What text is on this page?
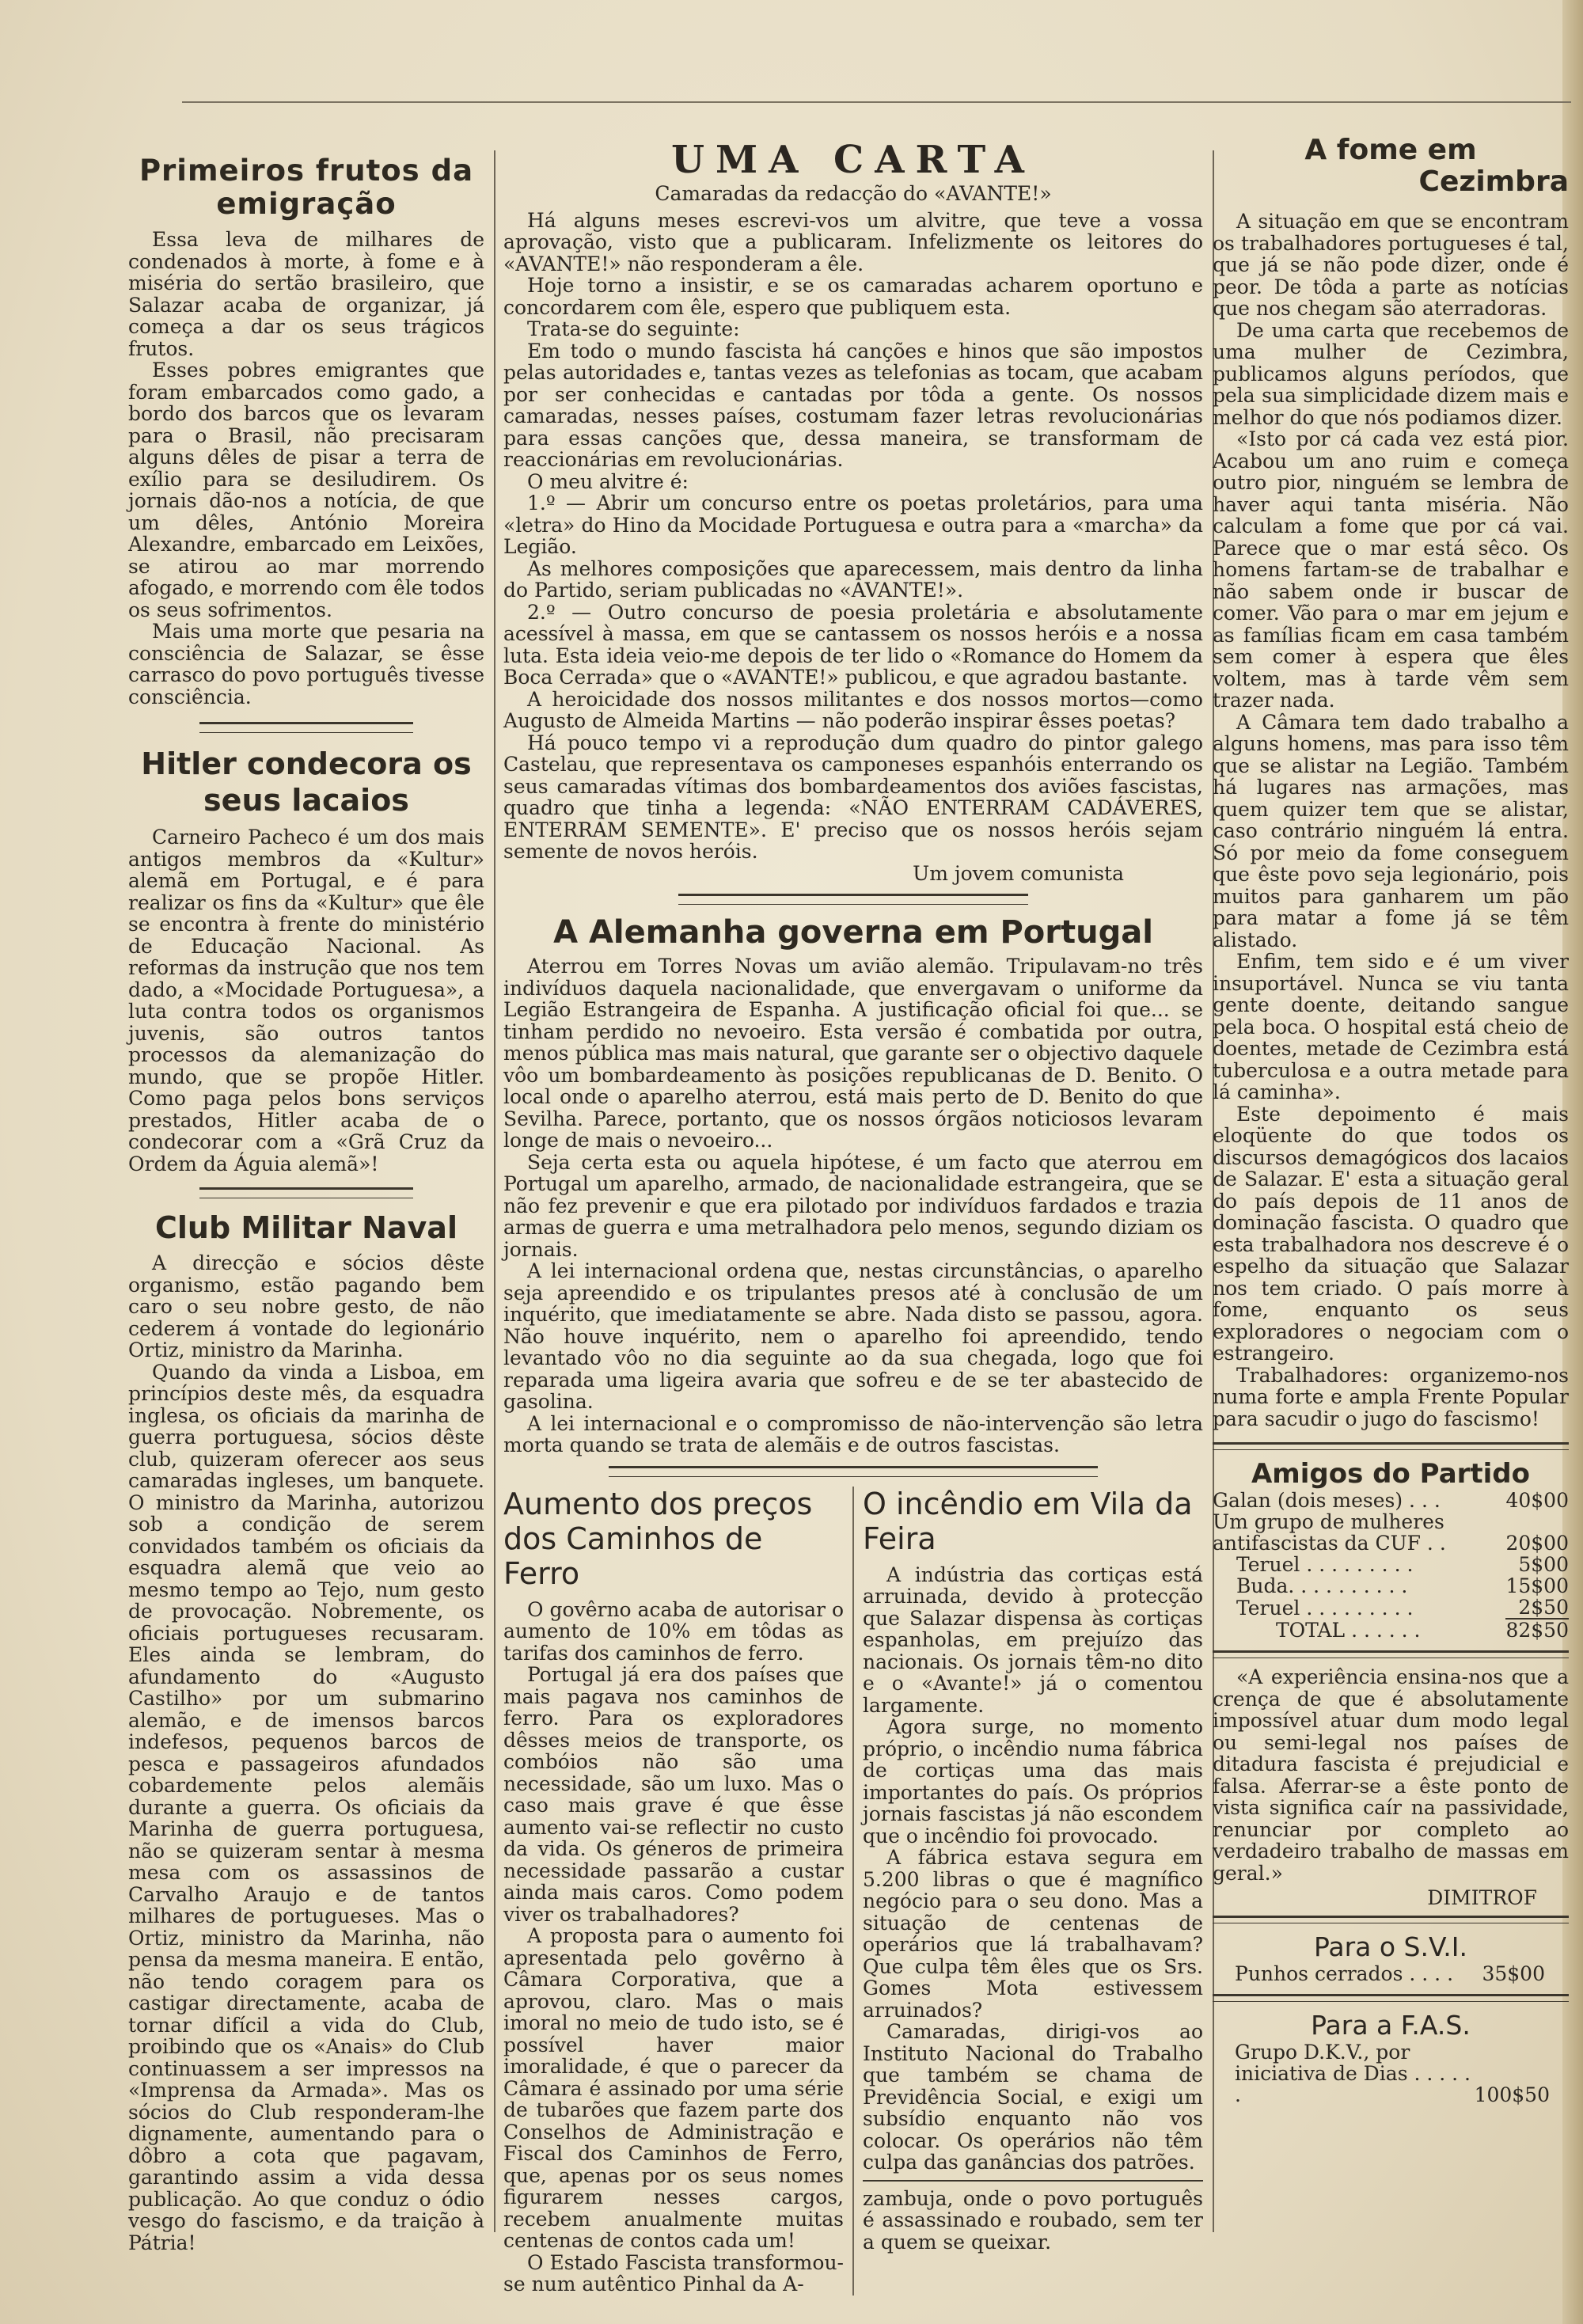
Primeiros frutos da emigração

Essa leva de milhares de condenados à morte, à fome e à miséria do sertão brasileiro, que Salazar acaba de organizar, já começa a dar os seus trágicos frutos.

Esses pobres emigrantes que foram embarcados como gado, a bordo dos barcos que os levaram para o Brasil, não precisaram alguns dêles de pisar a terra de exílio para se desiludirem. Os jornais dão-nos a notícia, de que um dêles, António Moreira Alexandre, embarcado em Leixões, se atirou ao mar morrendo afogado, e morrendo com êle todos os seus sofrimentos.

Mais uma morte que pesaria na consciência de Salazar, se êsse carrasco do povo português tivesse consciência.

Hitler condecora os seus lacaios

Carneiro Pacheco é um dos mais antigos membros da «Kultur» alemã em Portugal, e é para realizar os fins da «Kultur» que êle se encontra à frente do ministério de Educação Nacional. As reformas da instrução que nos tem dado, a «Mocidade Portuguesa», a luta contra todos os organismos juvenis, são outros tantos processos da alemanização do mundo, que se propõe Hitler. Como paga pelos bons serviços prestados, Hitler acaba de o condecorar com a «Grã Cruz da Ordem da Águia alemã»!

Club Militar Naval

A direcção e sócios dêste organismo, estão pagando bem caro o seu nobre gesto, de não cederem á vontade do legionário Ortiz, ministro da Marinha.

Quando da vinda a Lisboa, em princípios deste mês, da esquadra inglesa, os oficiais da marinha de guerra portuguesa, sócios dêste club, quizeram oferecer aos seus camaradas ingleses, um banquete. O ministro da Marinha, autorizou sob a condição de serem convidados também os oficiais da esquadra alemã que veio ao mesmo tempo ao Tejo, num gesto de provocação. Nobremente, os oficiais portugueses recusaram. Eles ainda se lembram, do afundamento do «Augusto Castilho» por um submarino alemão, e de imensos barcos indefesos, pequenos barcos de pesca e passageiros afundados cobardemente pelos alemãis durante a guerra. Os oficiais da Marinha de guerra portuguesa, não se quizeram sentar à mesma mesa com os assassinos de Carvalho Araujo e de tantos milhares de portugueses. Mas o Ortiz, ministro da Marinha, não pensa da mesma maneira. E então, não tendo coragem para os castigar directamente, acaba de tornar difícil a vida do Club, proibindo que os «Anais» do Club continuassem a ser impressos na «Imprensa da Armada». Mas os sócios do Club responderam-lhe dignamente, aumentando para o dôbro a cota que pagavam, garantindo assim a vida dessa publicação. Ao que conduz o ódio vesgo do fascismo, e da traição à Pátria!

UMA CARTA

Camaradas da redacção do «AVANTE!»

Há alguns meses escrevi-vos um alvitre, que teve a vossa aprovação, visto que a publicaram. Infelizmente os leitores do «AVANTE!» não responderam a êle.

Hoje torno a insistir, e se os camaradas acharem oportuno e concordarem com êle, espero que publiquem esta.

Trata-se do seguinte:

Em todo o mundo fascista há canções e hinos que são impostos pelas autoridades e, tantas vezes as telefonias as tocam, que acabam por ser conhecidas e cantadas por tôda a gente. Os nossos camaradas, nesses países, costumam fazer letras revolucionárias para essas canções que, dessa maneira, se transformam de reaccionárias em revolucionárias.

O meu alvitre é:

1.º — Abrir um concurso entre os poetas proletários, para uma «letra» do Hino da Mocidade Portuguesa e outra para a «marcha» da Legião.

As melhores composições que aparecessem, mais dentro da linha do Partido, seriam publicadas no «AVANTE!».

2.º — Outro concurso de poesia proletária e absolutamente acessível à massa, em que se cantassem os nossos heróis e a nossa luta. Esta ideia veio-me depois de ter lido o «Romance do Homem da Boca Cerrada» que o «AVANTE!» publicou, e que agradou bastante.

A heroicidade dos nossos militantes e dos nossos mortos—como Augusto de Almeida Martins — não poderão inspirar êsses poetas?

Há pouco tempo vi a reprodução dum quadro do pintor galego Castelau, que representava os camponeses espanhóis enterrando os seus camaradas vítimas dos bombardeamentos dos aviões fascistas, quadro que tinha a legenda: «NÃO ENTERRAM CADÁVERES, ENTERRAM SEMENTE». E' preciso que os nossos heróis sejam semente de novos heróis.

Um jovem comunista

A Alemanha governa em Portugal

Aterrou em Torres Novas um avião alemão. Tripulavam-no três indivíduos daquela nacionalidade, que envergavam o uniforme da Legião Estrangeira de Espanha. A justificação oficial foi que... se tinham perdido no nevoeiro. Esta versão é combatida por outra, menos pública mas mais natural, que garante ser o objectivo daquele vôo um bombardeamento às posições republicanas de D. Benito. O local onde o aparelho aterrou, está mais perto de D. Benito do que Sevilha. Parece, portanto, que os nossos órgãos noticiosos levaram longe de mais o nevoeiro...

Seja certa esta ou aquela hipótese, é um facto que aterrou em Portugal um aparelho, armado, de nacionalidade estrangeira, que se não fez prevenir e que era pilotado por indivíduos fardados e trazia armas de guerra e uma metralhadora pelo menos, segundo diziam os jornais.

A lei internacional ordena que, nestas circunstâncias, o aparelho seja apreendido e os tripulantes presos até à conclusão de um inquérito, que imediatamente se abre. Nada disto se passou, agora. Não houve inquérito, nem o aparelho foi apreendido, tendo levantado vôo no dia seguinte ao da sua chegada, logo que foi reparada uma ligeira avaria que sofreu e de se ter abastecido de gasolina.

A lei internacional e o compromisso de não-intervenção são letra morta quando se trata de alemãis e de outros fascistas.

Aumento dos preços dos Caminhos de Ferro

O govêrno acaba de autorisar o aumento de 10% em tôdas as tarifas dos caminhos de ferro.

Portugal já era dos países que mais pagava nos caminhos de ferro. Para os exploradores dêsses meios de transporte, os combóios não são uma necessidade, são um luxo. Mas o caso mais grave é que êsse aumento vai-se reflectir no custo da vida. Os géneros de primeira necessidade passarão a custar ainda mais caros. Como podem viver os trabalhadores?

A proposta para o aumento foi apresentada pelo govêrno à Câmara Corporativa, que a aprovou, claro. Mas o mais imoral no meio de tudo isto, se é possível haver maior imoralidade, é que o parecer da Câmara é assinado por uma série de tubarões que fazem parte dos Conselhos de Administração e Fiscal dos Caminhos de Ferro, que, apenas por os seus nomes figurarem nesses cargos, recebem anualmente muitas centenas de contos cada um!

O Estado Fascista transformou-se num autêntico Pinhal da A-

O incêndio em Vila da Feira

A indústria das cortiças está arruinada, devido à protecção que Salazar dispensa às cortiças espanholas, em prejuízo das nacionais. Os jornais têm-no dito e o «Avante!» já o comentou largamente.

Agora surge, no momento próprio, o incêndio numa fábrica de cortiças uma das mais importantes do país. Os próprios jornais fascistas já não escondem que o incêndio foi provocado.

A fábrica estava segura em 5.200 libras o que é magnífico negócio para o seu dono. Mas a situação de centenas de operários que lá trabalhavam? Que culpa têm êles que os Srs. Gomes Mota estivessem arruinados?

Camaradas, dirigi-vos ao Instituto Nacional do Trabalho que também se chama de Previdência Social, e exigi um subsídio enquanto não vos colocar. Os operários não têm culpa das ganâncias dos patrões.

zambuja, onde o povo português é assassinado e roubado, sem ter a quem se queixar.

A fome em
Cezimbra

A situação em que se encontram os trabalhadores portugueses é tal, que já se não pode dizer, onde é peor. De tôda a parte as notícias que nos chegam são aterradoras.

De uma carta que recebemos de uma mulher de Cezimbra, publicamos alguns períodos, que pela sua simplicidade dizem mais e melhor do que nós podiamos dizer.

«Isto por cá cada vez está pior. Acabou um ano ruim e começa outro pior, ninguém se lembra de haver aqui tanta miséria. Não calculam a fome que por cá vai. Parece que o mar está sêco. Os homens fartam-se de trabalhar e não sabem onde ir buscar de comer. Vão para o mar em jejum e as famílias ficam em casa também sem comer à espera que êles voltem, mas à tarde vêm sem trazer nada.

A Câmara tem dado trabalho a alguns homens, mas para isso têm que se alistar na Legião. Também há lugares nas armações, mas quem quizer tem que se alistar, caso contrário ninguém lá entra. Só por meio da fome conseguem que êste povo seja legionário, pois muitos para ganharem um pão para matar a fome já se têm alistado.

Enfim, tem sido e é um viver insuportável. Nunca se viu tanta gente doente, deitando sangue pela boca. O hospital está cheio de doentes, metade de Cezimbra está tuberculosa e a outra metade para lá caminha».

Este depoimento é mais eloqüente do que todos os discursos demagógicos dos lacaios de Salazar. E' esta a situação geral do país depois de 11 anos de dominação fascista. O quadro que esta trabalhadora nos descreve é o espelho da situação que Salazar nos tem criado. O país morre à fome, enquanto os seus exploradores o negociam com o estrangeiro.

Trabalhadores: organizemo-nos numa forte e ampla Frente Popular para sacudir o jugo do fascismo!

Amigos do Partido
Galan (dois meses) . . .	40$00
Um grupo de mulheres antifascistas da CUF . .	20$00
Teruel . . . . . . . . .	5$00
Buda. . . . . . . . . .	15$00
Teruel . . . . . . . . .	2$50
TOTAL . . . . . .	82$50

«A experiência ensina-nos que a crença de que é absolutamente impossível atuar dum modo legal ou semi-legal nos países de ditadura fascista é prejudicial e falsa. Aferrar-se a êste ponto de vista significa caír na passividade, renunciar por completo ao verdadeiro trabalho de massas em geral.»

DIMITROF

Para o S.V.I.
Punhos cerrados . . . .	35$00
Para a F.A.S.
Grupo D.K.V., por iniciativa de Dias . . . . . .	100$50
